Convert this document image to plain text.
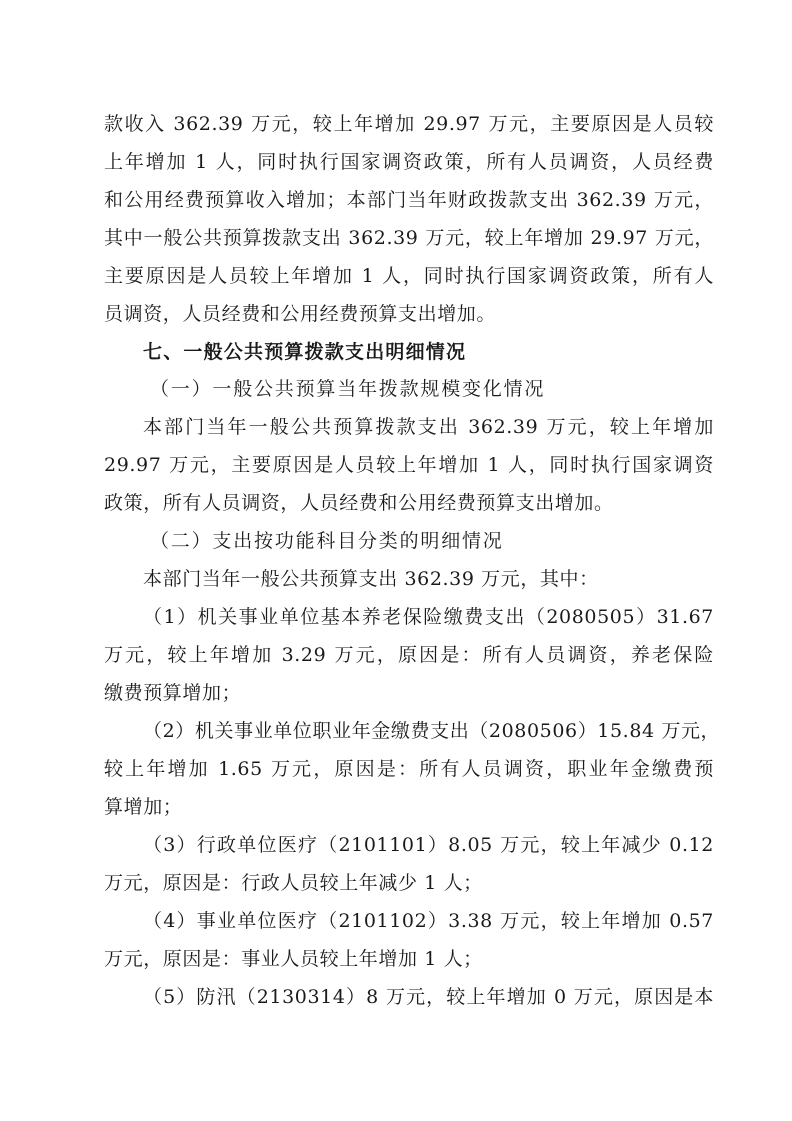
款收入 362.39 万元，较上年增加 29.97 万元，主要原因是人员较
上年增加 1 人，同时执行国家调资政策，所有人员调资，人员经费
和公用经费预算收入增加；本部门当年财政拨款支出 362.39 万元，
其中一般公共预算拨款支出 362.39 万元，较上年增加 29.97 万元，
主要原因是人员较上年增加 1 人，同时执行国家调资政策，所有人
员调资，人员经费和公用经费预算支出增加。
七、一般公共预算拨款支出明细情况
（一）一般公共预算当年拨款规模变化情况
本部门当年一般公共预算拨款支出 362.39 万元，较上年增加
29.97 万元，主要原因是人员较上年增加 1 人，同时执行国家调资
政策，所有人员调资，人员经费和公用经费预算支出增加。
（二）支出按功能科目分类的明细情况
本部门当年一般公共预算支出 362.39 万元，其中：
（1）机关事业单位基本养老保险缴费支出（2080505）31.67
万元，较上年增加 3.29 万元，原因是：所有人员调资，养老保险
缴费预算增加；
（2）机关事业单位职业年金缴费支出（2080506）15.84 万元，
较上年增加 1.65 万元，原因是：所有人员调资，职业年金缴费预
算增加；
（3）行政单位医疗（2101101）8.05 万元，较上年减少 0.12
万元，原因是：行政人员较上年减少 1 人；
（4）事业单位医疗（2101102）3.38 万元，较上年增加 0.57
万元，原因是：事业人员较上年增加 1 人；
（5）防汛（2130314）8 万元，较上年增加 0 万元，原因是本
